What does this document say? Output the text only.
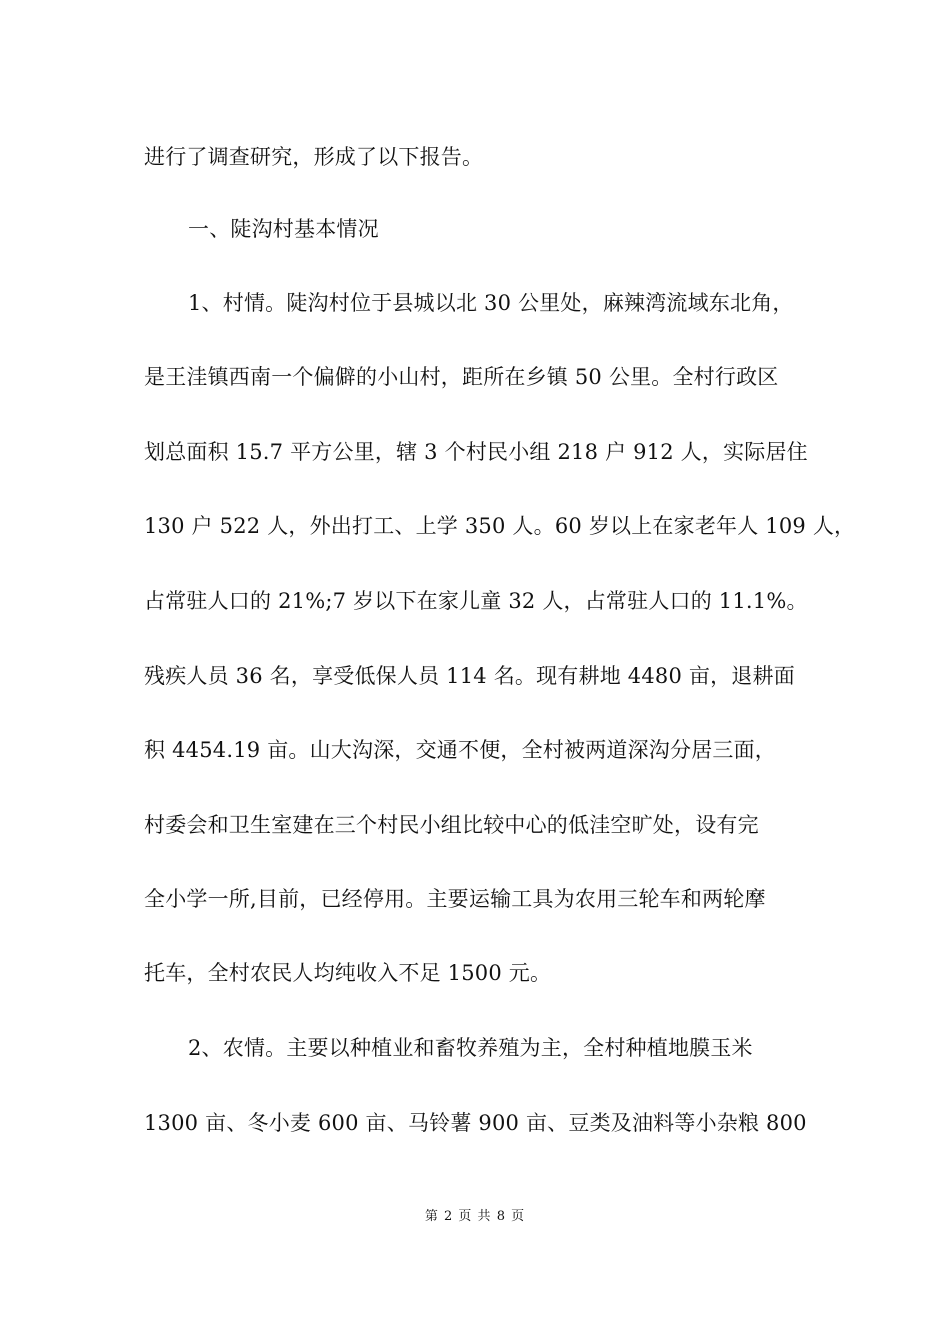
进行了调查研究，形成了以下报告。
一、陡沟村基本情况
1、村情。陡沟村位于县城以北 30 公里处，麻辣湾流域东北角，
是王洼镇西南一个偏僻的小山村，距所在乡镇 50 公里。全村行政区
划总面积 15.7 平方公里，辖 3 个村民小组 218 户 912 人，实际居住
130 户 522 人，外出打工、上学 350 人。60 岁以上在家老年人 109 人，
占常驻人口的 21%;7 岁以下在家儿童 32 人，占常驻人口的 11.1%。
残疾人员 36 名，享受低保人员 114 名。现有耕地 4480 亩，退耕面
积 4454.19 亩。山大沟深，交通不便，全村被两道深沟分居三面，
村委会和卫生室建在三个村民小组比较中心的低洼空旷处，设有完
全小学一所,目前，已经停用。主要运输工具为农用三轮车和两轮摩
托车，全村农民人均纯收入不足 1500 元。
2、农情。主要以种植业和畜牧养殖为主，全村种植地膜玉米
1300 亩、冬小麦 600 亩、马铃薯 900 亩、豆类及油料等小杂粮 800
第 2 页 共 8 页
